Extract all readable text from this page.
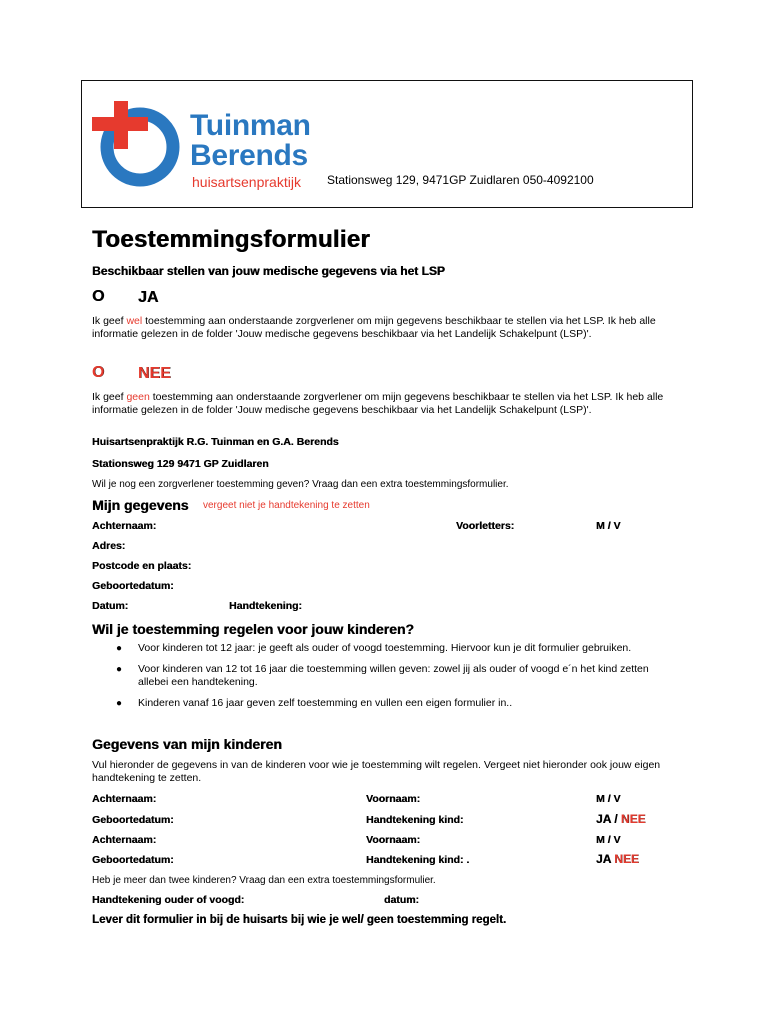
Tuinman
Berends
huisartsenpraktijk Stationsweg 129, 9471GP Zuidlaren 050-4092100
Toestemmingsformulier
Beschikbaar stellen van jouw medische gegevens via het LSP
O JA
Ik geef wel toestemming aan onderstaande zorgverlener om mijn gegevens beschikbaar te stellen via het LSP. Ik heb alle informatie gelezen in de folder 'Jouw medische gegevens beschikbaar via het Landelijk Schakelpunt (LSP)'.
O NEE
Ik geef geen toestemming aan onderstaande zorgverlener om mijn gegevens beschikbaar te stellen via het LSP. Ik heb alle informatie gelezen in de folder 'Jouw medische gegevens beschikbaar via het Landelijk Schakelpunt (LSP)'.
Huisartsenpraktijk R.G. Tuinman en G.A. Berends
Stationsweg 129 9471 GP Zuidlaren
Wil je nog een zorgverlener toestemming geven? Vraag dan een extra toestemmingsformulier.
Mijn gegevens vergeet niet je handtekening te zetten
Achternaam:	Voorletters:	M / V
Adres:
Postcode en plaats:
Geboortedatum:
Datum:	Handtekening:
Wil je toestemming regelen voor jouw kinderen?
● Voor kinderen tot 12 jaar: je geeft als ouder of voogd toestemming. Hiervoor kun je dit formulier gebruiken.
● Voor kinderen van 12 tot 16 jaar die toestemming willen geven: zowel jij als ouder of voogd e´n het kind zetten allebei een handtekening.
● Kinderen vanaf 16 jaar geven zelf toestemming en vullen een eigen formulier in..
Gegevens van mijn kinderen
Vul hieronder de gegevens in van de kinderen voor wie je toestemming wilt regelen. Vergeet niet hieronder ook jouw eigen handtekening te zetten.
Achternaam:	Voornaam:	M / V
Geboortedatum:	Handtekening kind:	JA / NEE
Achternaam:	Voornaam:	M / V
Geboortedatum:	Handtekening kind: .	JA NEE
Heb je meer dan twee kinderen? Vraag dan een extra toestemmingsformulier.
Handtekening ouder of voogd:	datum:
Lever dit formulier in bij de huisarts bij wie je wel/ geen toestemming regelt.
